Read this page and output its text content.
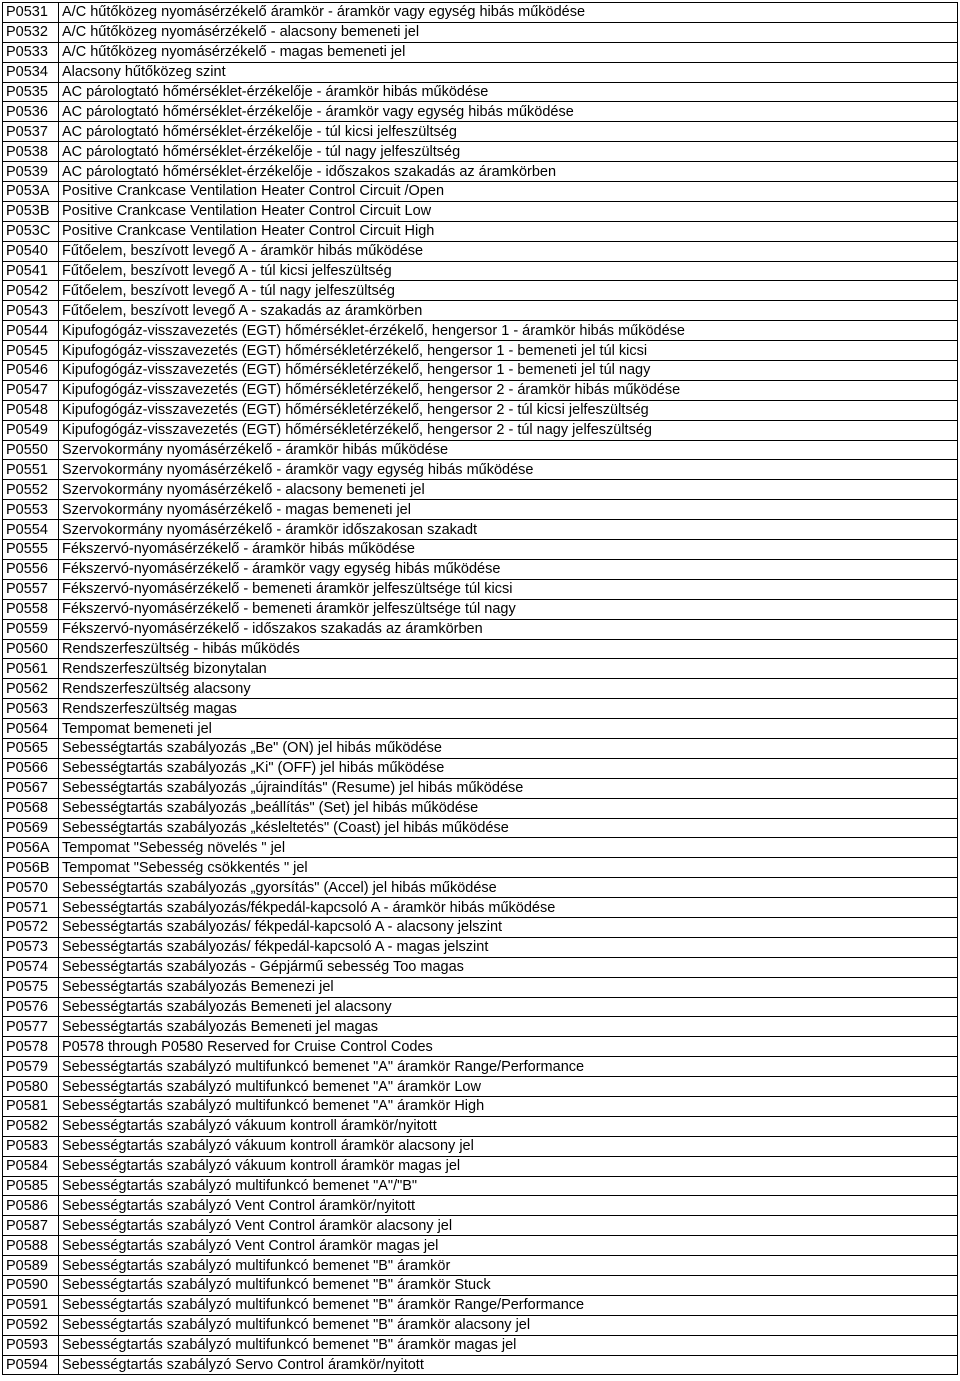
P0531	A/C hűtőközeg nyomásérzékelő áramkör - áramkör vagy egység hibás működése
P0532	A/C hűtőközeg nyomásérzékelő - alacsony bemeneti jel
P0533	A/C hűtőközeg nyomásérzékelő - magas bemeneti jel
P0534	Alacsony hűtőközeg szint
P0535	AC párologtató hőmérséklet-érzékelője - áramkör hibás működése
P0536	AC párologtató hőmérséklet-érzékelője - áramkör vagy egység hibás működése
P0537	AC párologtató hőmérséklet-érzékelője - túl kicsi jelfeszültség
P0538	AC párologtató hőmérséklet-érzékelője - túl nagy jelfeszültség
P0539	AC párologtató hőmérséklet-érzékelője - időszakos szakadás az áramkörben
P053A	Positive Crankcase Ventilation Heater Control Circuit /Open
P053B	Positive Crankcase Ventilation Heater Control Circuit Low
P053C	Positive Crankcase Ventilation Heater Control Circuit High
P0540	Fűtőelem, beszívott levegő A - áramkör hibás működése
P0541	Fűtőelem, beszívott levegő A - túl kicsi jelfeszültség
P0542	Fűtőelem, beszívott levegő A - túl nagy jelfeszültség
P0543	Fűtőelem, beszívott levegő A - szakadás az áramkörben
P0544	Kipufogógáz-visszavezetés (EGT) hőmérséklet-érzékelő, hengersor 1 - áramkör hibás működése
P0545	Kipufogógáz-visszavezetés (EGT) hőmérsékletérzékelő, hengersor 1 - bemeneti jel túl kicsi
P0546	Kipufogógáz-visszavezetés (EGT) hőmérsékletérzékelő, hengersor 1 - bemeneti jel túl nagy
P0547	Kipufogógáz-visszavezetés (EGT) hőmérsékletérzékelő, hengersor 2 - áramkör hibás működése
P0548	Kipufogógáz-visszavezetés (EGT) hőmérsékletérzékelő, hengersor 2 - túl kicsi jelfeszültség
P0549	Kipufogógáz-visszavezetés (EGT) hőmérsékletérzékelő, hengersor 2 - túl nagy jelfeszültség
P0550	Szervokormány nyomásérzékelő - áramkör hibás működése
P0551	Szervokormány nyomásérzékelő - áramkör vagy egység hibás működése
P0552	Szervokormány nyomásérzékelő - alacsony bemeneti jel
P0553	Szervokormány nyomásérzékelő - magas bemeneti jel
P0554	Szervokormány nyomásérzékelő - áramkör időszakosan szakadt
P0555	Fékszervó-nyomásérzékelő - áramkör hibás működése
P0556	Fékszervó-nyomásérzékelő - áramkör vagy egység hibás működése
P0557	Fékszervó-nyomásérzékelő - bemeneti áramkör jelfeszültsége túl kicsi
P0558	Fékszervó-nyomásérzékelő - bemeneti áramkör jelfeszültsége túl nagy
P0559	Fékszervó-nyomásérzékelő - időszakos szakadás az áramkörben
P0560	Rendszerfeszültség - hibás működés
P0561	Rendszerfeszültség bizonytalan
P0562	Rendszerfeszültség alacsony
P0563	Rendszerfeszültség magas
P0564	Tempomat bemeneti jel
P0565	Sebességtartás szabályozás „Be" (ON) jel hibás működése
P0566	Sebességtartás szabályozás „Ki" (OFF) jel hibás működése
P0567	Sebességtartás szabályozás „újraindítás" (Resume) jel hibás működése
P0568	Sebességtartás szabályozás „beállítás" (Set) jel hibás működése
P0569	Sebességtartás szabályozás „késleltetés" (Coast) jel hibás működése
P056A	Tempomat "Sebesség növelés " jel
P056B	Tempomat "Sebesség csökkentés " jel
P0570	Sebességtartás szabályozás „gyorsítás" (Accel) jel hibás működése
P0571	Sebességtartás szabályozás/fékpedál-kapcsoló A - áramkör hibás működése
P0572	Sebességtartás szabályozás/ fékpedál-kapcsoló A - alacsony jelszint
P0573	Sebességtartás szabályozás/ fékpedál-kapcsoló A - magas jelszint
P0574	Sebességtartás szabályozás - Gépjármű sebesség Too magas
P0575	Sebességtartás szabályozás Bemenezi jel
P0576	Sebességtartás szabályozás Bemeneti jel alacsony
P0577	Sebességtartás szabályozás Bemeneti jel magas
P0578	P0578 through P0580 Reserved for Cruise Control Codes
P0579	Sebességtartás szabályzó multifunkcó bemenet "A" áramkör Range/Performance
P0580	Sebességtartás szabályzó multifunkcó bemenet "A" áramkör Low
P0581	Sebességtartás szabályzó multifunkcó bemenet "A" áramkör High
P0582	Sebességtartás szabályzó vákuum kontroll áramkör/nyitott
P0583	Sebességtartás szabályzó vákuum kontroll áramkör alacsony jel
P0584	Sebességtartás szabályzó vákuum kontroll áramkör magas jel
P0585	Sebességtartás szabályzó multifunkcó bemenet "A"/"B"
P0586	Sebességtartás szabályzó Vent Control áramkör/nyitott
P0587	Sebességtartás szabályzó Vent Control áramkör alacsony jel
P0588	Sebességtartás szabályzó Vent Control áramkör magas jel
P0589	Sebességtartás szabályzó multifunkcó bemenet "B" áramkör
P0590	Sebességtartás szabályzó multifunkcó bemenet "B" áramkör Stuck
P0591	Sebességtartás szabályzó multifunkcó bemenet "B" áramkör Range/Performance
P0592	Sebességtartás szabályzó multifunkcó bemenet "B" áramkör alacsony jel
P0593	Sebességtartás szabályzó multifunkcó bemenet "B" áramkör magas jel
P0594	Sebességtartás szabályzó Servo Control áramkör/nyitott
